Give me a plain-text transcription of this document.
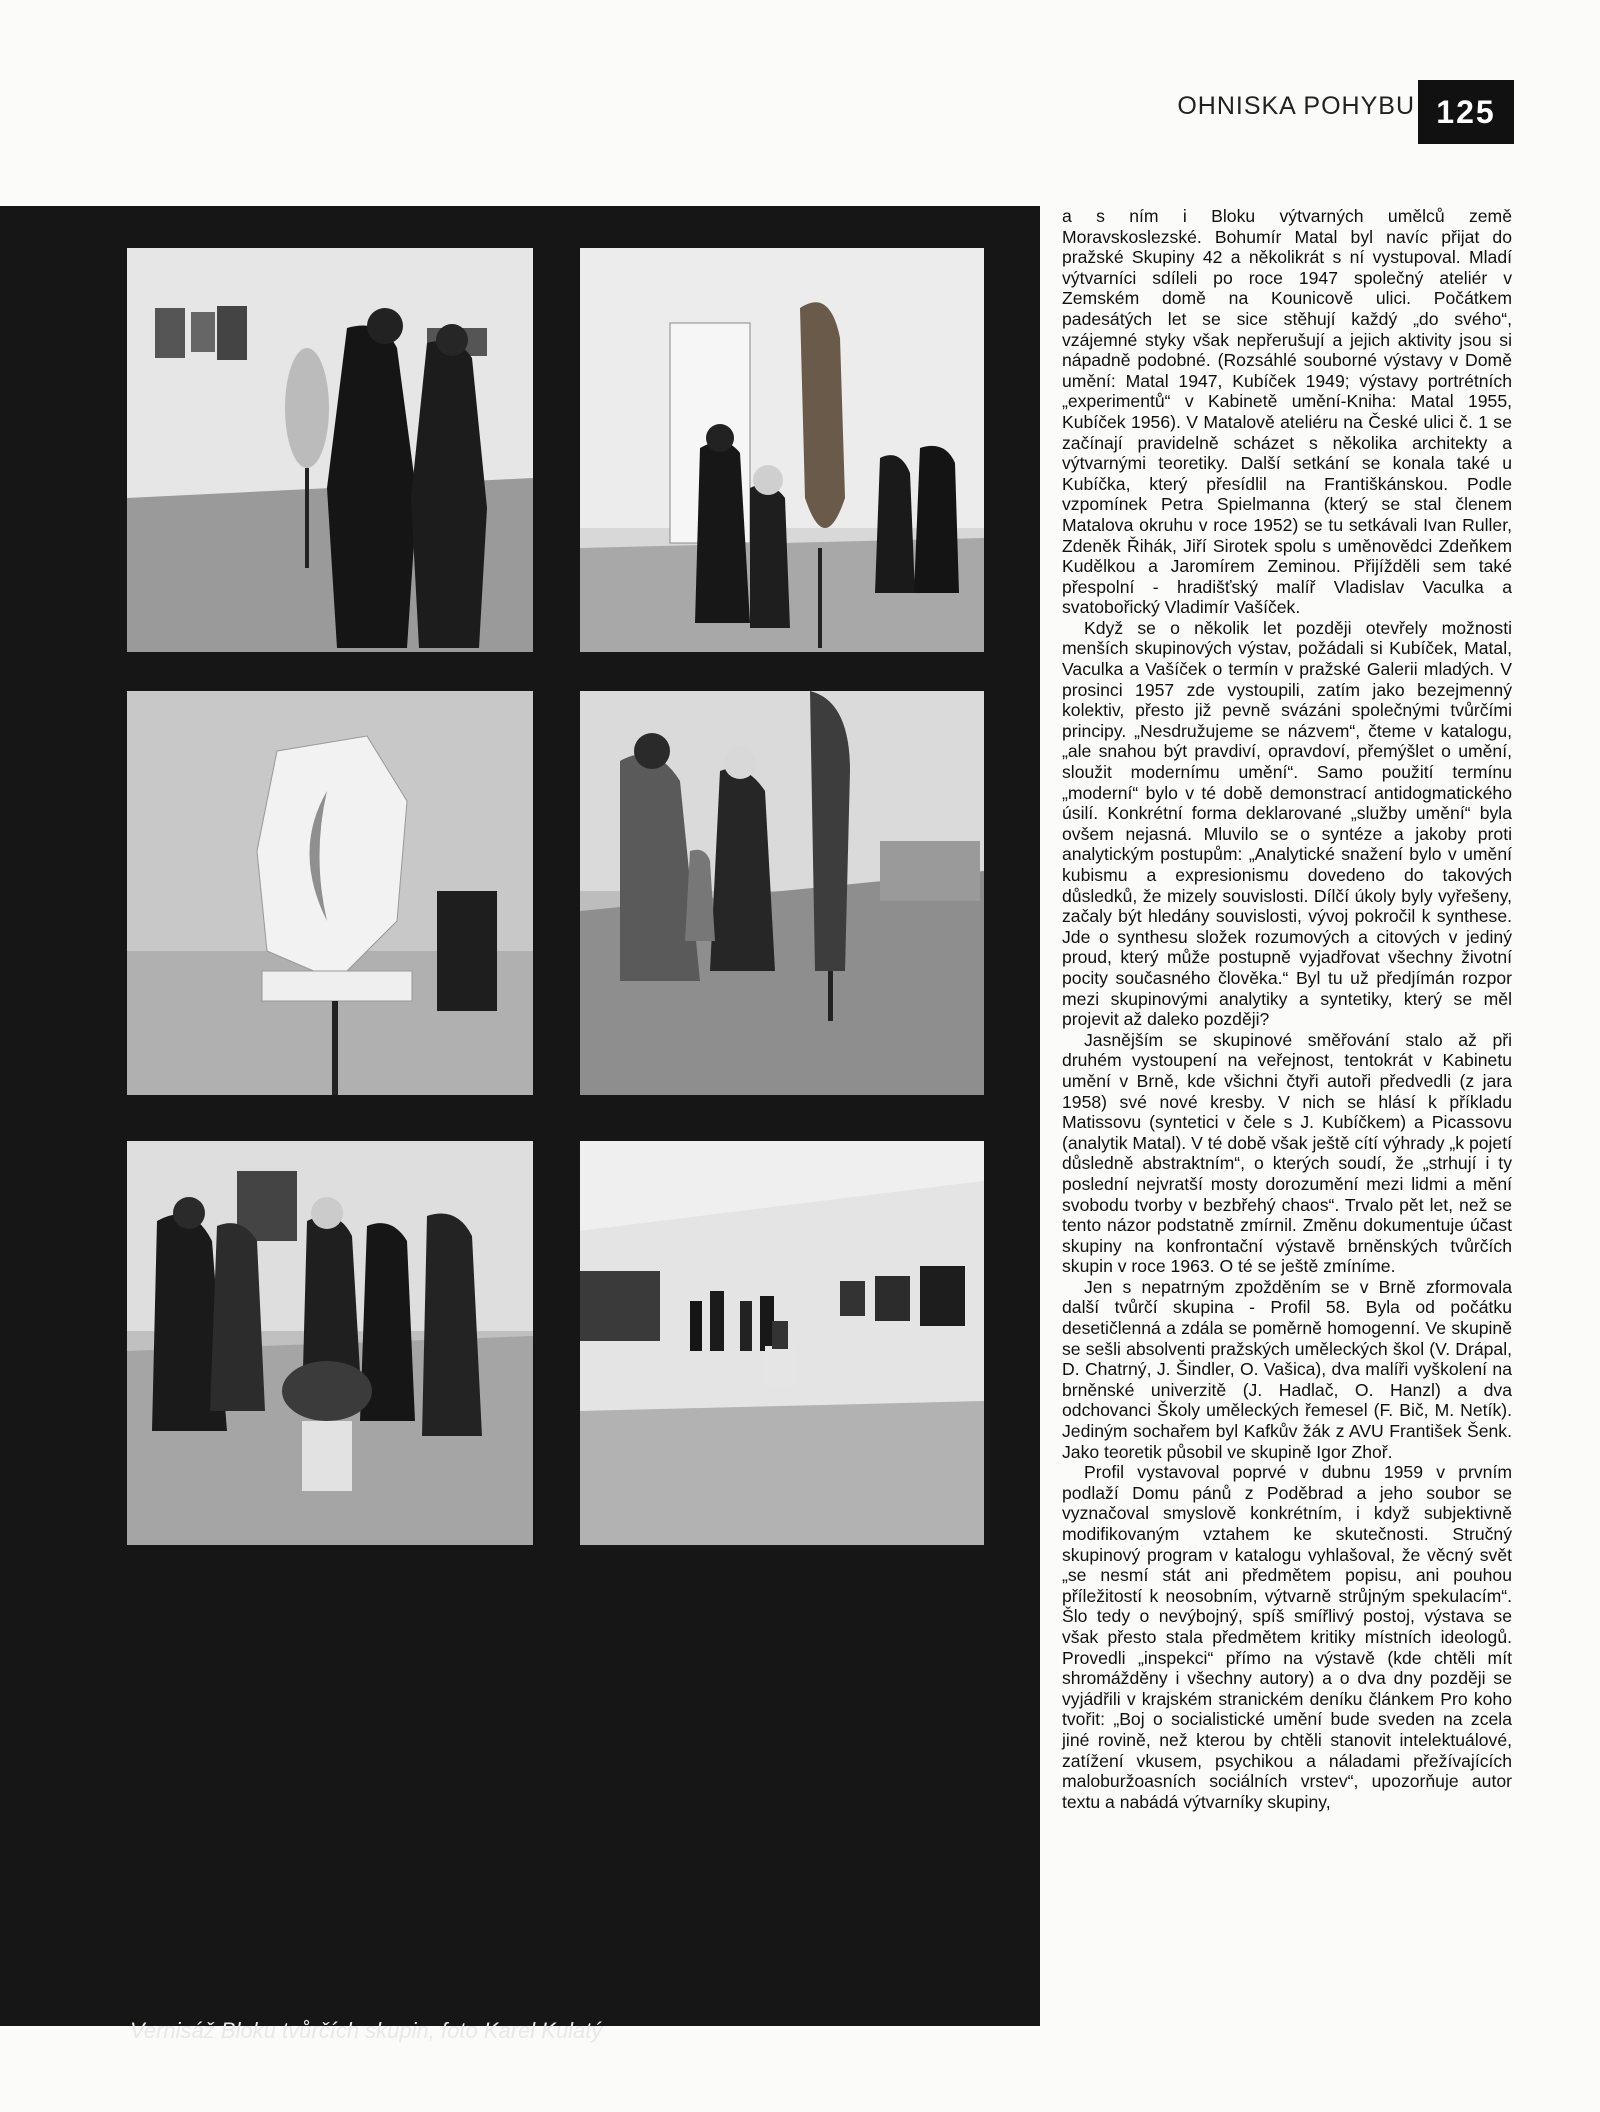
OHNISKA POHYBU 125
Vernisáž Bloku tvůrčích skupin, foto Karel Kulatý

a s ním i Bloku výtvarných umělců země Moravskoslezské. Bohumír Matal byl navíc přijat do pražské Skupiny 42 a několikrát s ní vystupoval. Mladí výtvarníci sdíleli po roce 1947 společný ateliér v Zemském domě na Kounicově ulici. Počátkem padesátých let se sice stěhují každý „do svého“, vzájemné styky však nepřerušují a jejich aktivity jsou si nápadně podobné. (Rozsáhlé souborné výstavy v Domě umění: Matal 1947, Kubíček 1949; výstavy portrétních „experimentů“ v Kabinetě umění-Kniha: Matal 1955, Kubíček 1956). V Matalově ateliéru na České ulici č. 1 se začínají pravidelně scházet s několika architekty a výtvarnými teoretiky. Další setkání se konala také u Kubíčka, který přesídlil na Františkánskou. Podle vzpomínek Petra Spielmanna (který se stal členem Matalova okruhu v roce 1952) se tu setkávali Ivan Ruller, Zdeněk Řihák, Jiří Sirotek spolu s uměnovědci Zdeňkem Kudělkou a Jaromírem Zeminou. Přijížděli sem také přespolní - hradišťský malíř Vladislav Vaculka a svatobořický Vladimír Vašíček.

Když se o několik let později otevřely možnosti menších skupinových výstav, požádali si Kubíček, Matal, Vaculka a Vašíček o termín v pražské Galerii mladých. V prosinci 1957 zde vystoupili, zatím jako bezejmenný kolektiv, přesto již pevně svázáni společnými tvůrčími principy. „Nesdružujeme se názvem“, čteme v katalogu, „ale snahou být pravdiví, opravdoví, přemýšlet o umění, sloužit modernímu umění“. Samo použití termínu „moderní“ bylo v té době demonstrací antidogmatického úsilí. Konkrétní forma deklarované „služby umění“ byla ovšem nejasná. Mluvilo se o syntéze a jakoby proti analytickým postupům: „Analytické snažení bylo v umění kubismu a expresionismu dovedeno do takových důsledků, že mizely souvislosti. Dílčí úkoly byly vyřešeny, začaly být hledány souvislosti, vývoj pokročil k synthese. Jde o synthesu složek rozumových a citových v jediný proud, který může postupně vyjadřovat všechny životní pocity současného člověka.“ Byl tu už předjímán rozpor mezi skupinovými analytiky a syntetiky, který se měl projevit až daleko později?

Jasnějším se skupinové směřování stalo až při druhém vystoupení na veřejnost, tentokrát v Kabinetu umění v Brně, kde všichni čtyři autoři předvedli (z jara 1958) své nové kresby. V nich se hlásí k příkladu Matissovu (syntetici v čele s J. Kubíčkem) a Picassovu (analytik Matal). V té době však ještě cítí výhrady „k pojetí důsledně abstraktním“, o kterých soudí, že „strhují i ty poslední nejvratší mosty dorozumění mezi lidmi a mění svobodu tvorby v bezbřehý chaos“. Trvalo pět let, než se tento názor podstatně zmírnil. Změnu dokumentuje účast skupiny na konfrontační výstavě brněnských tvůrčích skupin v roce 1963. O té se ještě zmíníme.

Jen s nepatrným zpožděním se v Brně zformovala další tvůrčí skupina - Profil 58. Byla od počátku desetičlenná a zdála se poměrně homogenní. Ve skupině se sešli absolventi pražských uměleckých škol (V. Drápal, D. Chatrný, J. Šindler, O. Vašica), dva malíři vyškolení na brněnské univerzitě (J. Hadlač, O. Hanzl) a dva odchovanci Školy uměleckých řemesel (F. Bič, M. Netík). Jediným sochařem byl Kafkův žák z AVU František Šenk. Jako teoretik působil ve skupině Igor Zhoř.

Profil vystavoval poprvé v dubnu 1959 v prvním podlaží Domu pánů z Poděbrad a jeho soubor se vyznačoval smyslově konkrétním, i když subjektivně modifikovaným vztahem ke skutečnosti. Stručný skupinový program v katalogu vyhlašoval, že věcný svět „se nesmí stát ani předmětem popisu, ani pouhou příležitostí k neosobním, výtvarně strůjným spekulacím“. Šlo tedy o nevýbojný, spíš smířlivý postoj, výstava se však přesto stala předmětem kritiky místních ideologů. Provedli „inspekci“ přímo na výstavě (kde chtěli mít shromážděny i všechny autory) a o dva dny později se vyjádřili v krajském stranickém deníku článkem Pro koho tvořit: „Boj o socialistické umění bude sveden na zcela jiné rovině, než kterou by chtěli stanovit intelektuálové, zatížení vkusem, psychikou a náladami přežívajících maloburžoasních sociálních vrstev“, upozorňuje autor textu a nabádá výtvarníky skupiny,
